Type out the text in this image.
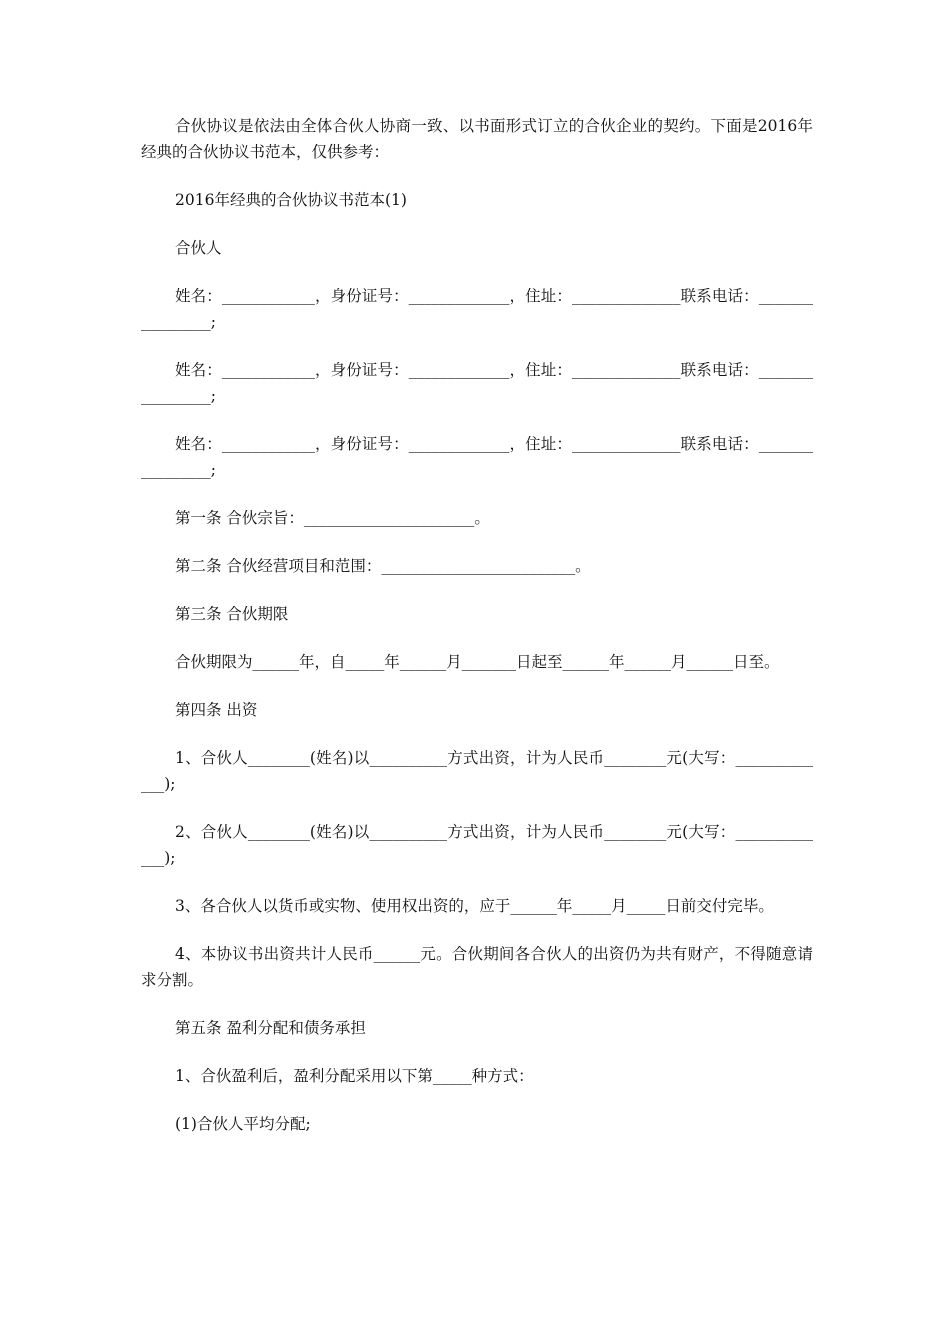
合伙协议是依法由全体合伙人协商一致、以书面形式订立的合伙企业的契约。下面是2016年经典的合伙协议书范本，仅供参考：

2016年经典的合伙协议书范本(1)

合伙人

姓名：____________，身份证号：_____________，住址：______________联系电话：________________;

姓名：____________，身份证号：_____________，住址：______________联系电话：________________;

姓名：____________，身份证号：_____________，住址：______________联系电话：________________;

第一条 合伙宗旨：______________________。

第二条 合伙经营项目和范围：_________________________。

第三条 合伙期限

合伙期限为______年，自_____年______月_______日起至______年______月______日至。

第四条 出资

1、合伙人________(姓名)以__________方式出资，计为人民币________元(大写：_____________);

2、合伙人________(姓名)以__________方式出资，计为人民币________元(大写：_____________);

3、各合伙人以货币或实物、使用权出资的，应于______年_____月_____日前交付完毕。

4、本协议书出资共计人民币______元。合伙期间各合伙人的出资仍为共有财产，不得随意请求分割。

第五条 盈利分配和债务承担

1、合伙盈利后，盈利分配采用以下第_____种方式：

(1)合伙人平均分配;
